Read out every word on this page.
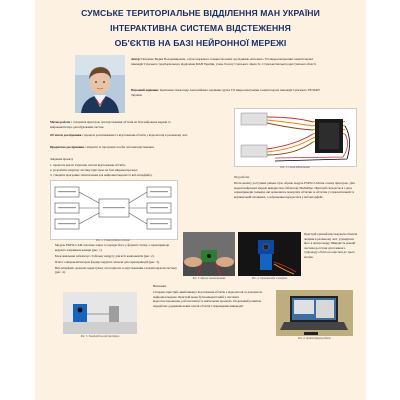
СУМСЬКЕ ТЕРИТОРІАЛЬНЕ ВІДДІЛЕННЯ МАН УКРАЇНИ
ІНТЕРАКТИВНА СИСТЕМА ВІДСТЕЖЕННЯ
ОБ'ЄКТІВ НА БАЗІ НЕЙРОННОЇ МЕРЕЖІ
Автор: Петренко Вадим Володимирович, слухач наукового товариства юних дослідників «Інтелект» ТО мікроелектроніки і комп'ютерної інженерії Сумського територіального відділення МАН України, учень 9 класу Сумського ліцею № 1 Сумської міської ради Сумської області.
Науковий керівник: Кравченко Олександр Анатолійович, керівник гуртка ТО мікроелектроніки і комп'ютерної інженерії Сумського ТВ МАН України.
Метою роботи є створення пристрою для відстеження об'єктів на базі нейронної мережі та мікрокомп'ютера для вбудованих систем.
Об'єктом дослідження є процеси розпізнавання та відстеження об'єктів у відеопотоці в реальному часі.
Предметом дослідження є апаратні та програмні засоби системи відстеження.
Завдання проекту
1. провести аналіз існуючих систем відстеження об'єктів;
2. розробити апаратну частину пристрою на базі мікроконтролера;
3. створити програмне забезпечення для нейронної мережі та веб-інтерфейсу.
Рис. 1. Схема підключення
Рис. 2. Схема роботи системи
Хід роботи:
Після аналізу доступних рішень було обрано модуль ESP32-CAM як основу пристрою. Для моделі нейронної мережі використано бібліотеку MediaPipe. Пристрій складається з двох сервоприводів і камери, які дозволяють повертати об'єктив за об'єктом у горизонтальній та вертикальній площинах, а зображення передається у веб-інтерфейс.
• Модуль ESP32-CAM захоплює відео та передає його у форматі стріму, а сервоприводи керують напрямком камери (рис. 1).
• Блок живлення забезпечує стабільну напругу для всіх компонентів (рис. 2).
• Плата з мікрокомп'ютером формує керуючі сигнали для сервоприводів (рис. 3).
• Веб-інтерфейс дозволяє користувачу спостерігати за відстеженням і налаштовувати систему (рис. 4).
Рис. 3. Процес налаштування	Рис. 4. Сервоприводи з камерою
Пристрій здатний відстежувати обличчя людини в реальному часі, утримуючи його в центрі кадру. Швидкість реакції системи достатня для плавного супроводу об'єкта на відстані до трьох метрів.
Рис. 5. Зовнішній вигляд пристрою
Висновки:
Створено пристрій, який виконує відстеження об'єктів у відеопотоці за допомогою нейронної мережі. Пристрій може бути використаний у системах відеоспостереження, робототехніці та навчальних проектах. Подальший розвиток передбачає додавання нових класів об'єктів і покращення швидкодії.
Рис. 6. Демонстрація роботи
